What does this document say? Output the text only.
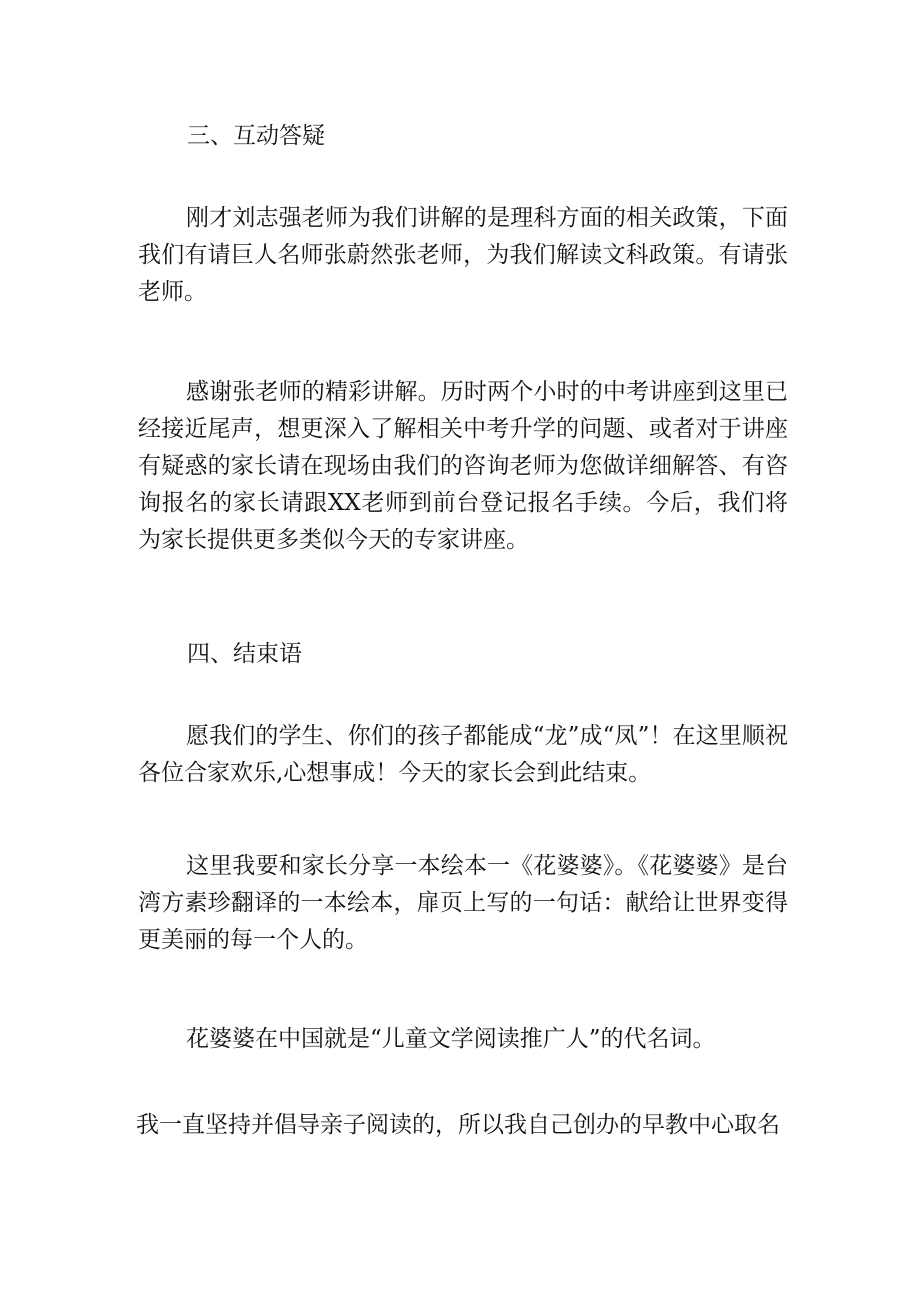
三、互动答疑

刚才刘志强老师为我们讲解的是理科方面的相关政策，下面我们有请巨人名师张蔚然张老师，为我们解读文科政策。有请张老师。

感谢张老师的精彩讲解。历时两个小时的中考讲座到这里已经接近尾声，想更深入了解相关中考升学的问题、或者对于讲座有疑惑的家长请在现场由我们的咨询老师为您做详细解答、有咨询报名的家长请跟XX老师到前台登记报名手续。今后，我们将为家长提供更多类似今天的专家讲座。

四、结束语

愿我们的学生、你们的孩子都能成“龙”成“凤”！在这里顺祝各位合家欢乐,心想事成！今天的家长会到此结束。

这里我要和家长分享一本绘本一《花婆婆》。《花婆婆》是台湾方素珍翻译的一本绘本，扉页上写的一句话：献给让世界变得更美丽的每一个人的。

花婆婆在中国就是“儿童文学阅读推广人”的代名词。

我一直坚持并倡导亲子阅读的，所以我自己创办的早教中心取名
